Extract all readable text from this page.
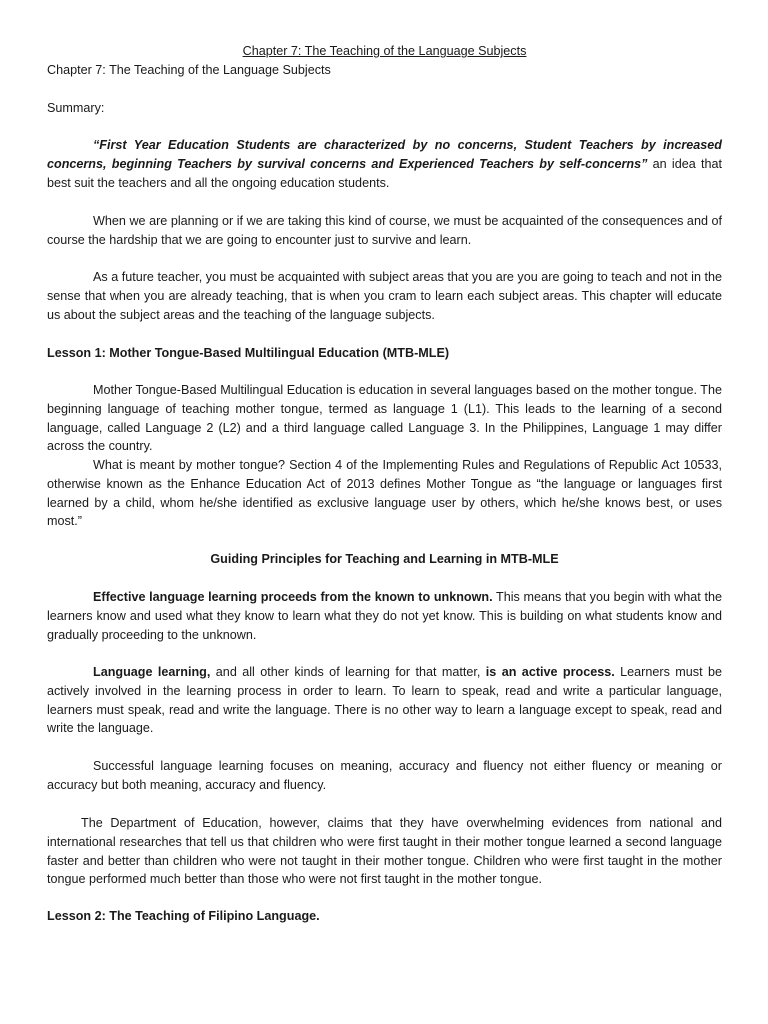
Chapter 7: The Teaching of the Language Subjects

Chapter 7: The Teaching of the Language Subjects

Summary:

“First Year Education Students are characterized by no concerns, Student Teachers by increased concerns, beginning Teachers by survival concerns and Experienced Teachers by self-concerns” an idea that best suit the teachers and all the ongoing education students.

When we are planning or if we are taking this kind of course, we must be acquainted of the consequences and of course the hardship that we are going to encounter just to survive and learn.

As a future teacher, you must be acquainted with subject areas that you are you are going to teach and not in the sense that when you are already teaching, that is when you cram to learn each subject areas. This chapter will educate us about the subject areas and the teaching of the language subjects.

Lesson 1: Mother Tongue-Based Multilingual Education (MTB-MLE)

Mother Tongue-Based Multilingual Education is education in several languages based on the mother tongue. The beginning language of teaching mother tongue, termed as language 1 (L1). This leads to the learning of a second language, called Language 2 (L2) and a third language called Language 3. In the Philippines, Language 1 may differ across the country.

What is meant by mother tongue? Section 4 of the Implementing Rules and Regulations of Republic Act 10533, otherwise known as the Enhance Education Act of 2013 defines Mother Tongue as “the language or languages first learned by a child, whom he/she identified as exclusive language user by others, which he/she knows best, or uses most.”

Guiding Principles for Teaching and Learning in MTB-MLE

Effective language learning proceeds from the known to unknown. This means that you begin with what the learners know and used what they know to learn what they do not yet know. This is building on what students know and gradually proceeding to the unknown.

Language learning, and all other kinds of learning for that matter, is an active process. Learners must be actively involved in the learning process in order to learn. To learn to speak, read and write a particular language, learners must speak, read and write the language. There is no other way to learn a language except to speak, read and write the language.

Successful language learning focuses on meaning, accuracy and fluency not either fluency or meaning or accuracy but both meaning, accuracy and fluency.

The Department of Education, however, claims that they have overwhelming evidences from national and international researches that tell us that children who were first taught in their mother tongue learned a second language faster and better than children who were not taught in their mother tongue. Children who were first taught in the mother tongue performed much better than those who were not first taught in the mother tongue.

Lesson 2: The Teaching of Filipino Language.
